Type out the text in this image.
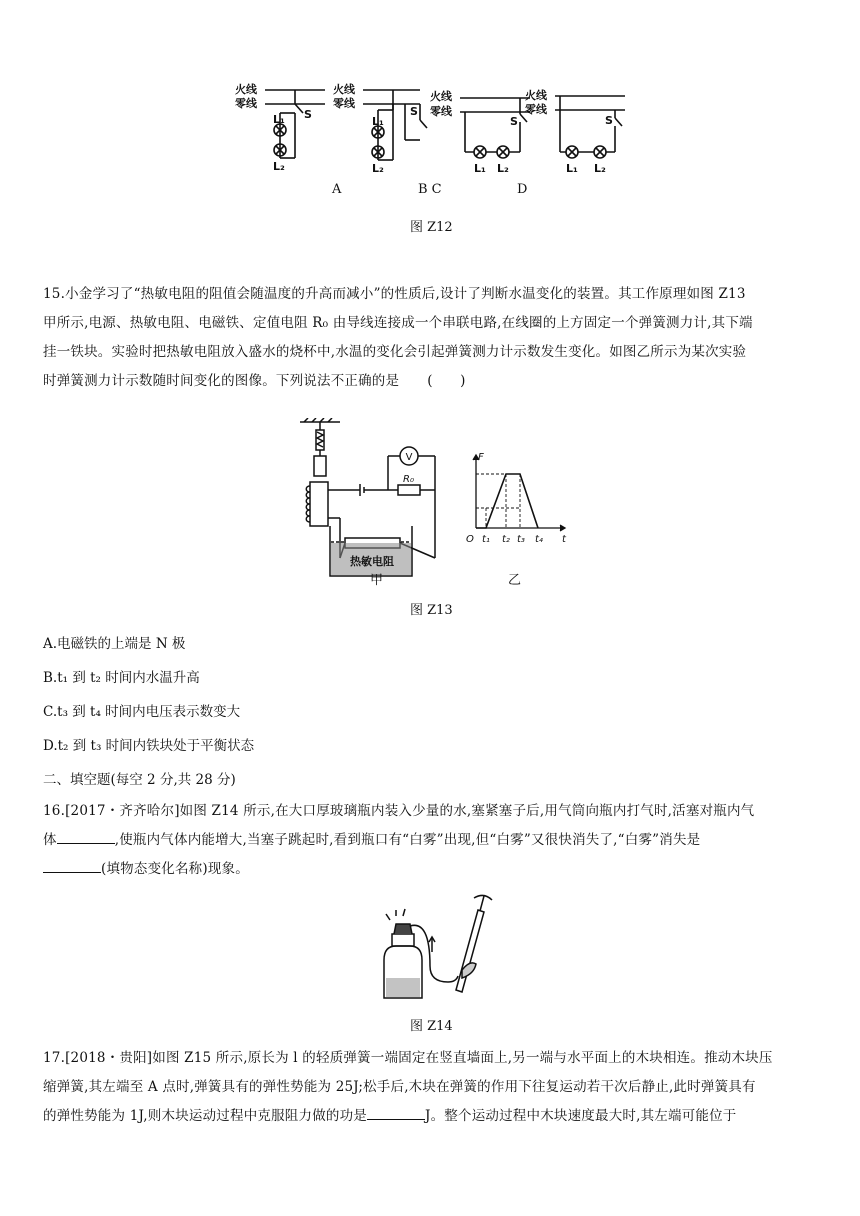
火线
零线
火线
零线
火线
零线
火线
零线
S	S
S	S
L₁
L₂
L₁
L₂	L₁ L₂	L₁ L₂
A	B C	D
图 Z12
15.小金学习了“热敏电阻的阻值会随温度的升高而减小”的性质后,设计了判断水温变化的装置。其工作原理如图 Z13
甲所示,电源、热敏电阻、电磁铁、定值电阻 R₀ 由导线连接成一个串联电路,在线圈的上方固定一个弹簧测力计,其下端
挂一铁块。实验时把热敏电阻放入盛水的烧杯中,水温的变化会引起弹簧测力计示数发生变化。如图乙所示为某次实验
时弹簧测力计示数随时间变化的图像。下列说法不正确的是 (　　)
V
R₀
热敏电阻
F
t
O t₁ t₂ t₃ t₄
甲	乙
图 Z13
A.电磁铁的上端是 N 极
B.t₁ 到 t₂ 时间内水温升高
C.t₃ 到 t₄ 时间内电压表示数变大
D.t₂ 到 t₃ 时间内铁块处于平衡状态
二、填空题(每空 2 分,共 28 分)
16.[2017・齐齐哈尔]如图 Z14 所示,在大口厚玻璃瓶内装入少量的水,塞紧塞子后,用气筒向瓶内打气时,活塞对瓶内气
体	,使瓶内气体内能增大,当塞子跳起时,看到瓶口有“白雾”出现,但“白雾”又很快消失了,“白雾”消失是
(填物态变化名称)现象。
图 Z14
17.[2018・贵阳]如图 Z15 所示,原长为 l 的轻质弹簧一端固定在竖直墙面上,另一端与水平面上的木块相连。推动木块压
缩弹簧,其左端至 A 点时,弹簧具有的弹性势能为 25J;松手后,木块在弹簧的作用下往复运动若干次后静止,此时弹簧具有
的弹性势能为 1J,则木块运动过程中克服阻力做的功是	J。整个运动过程中木块速度最大时,其左端可能位于
